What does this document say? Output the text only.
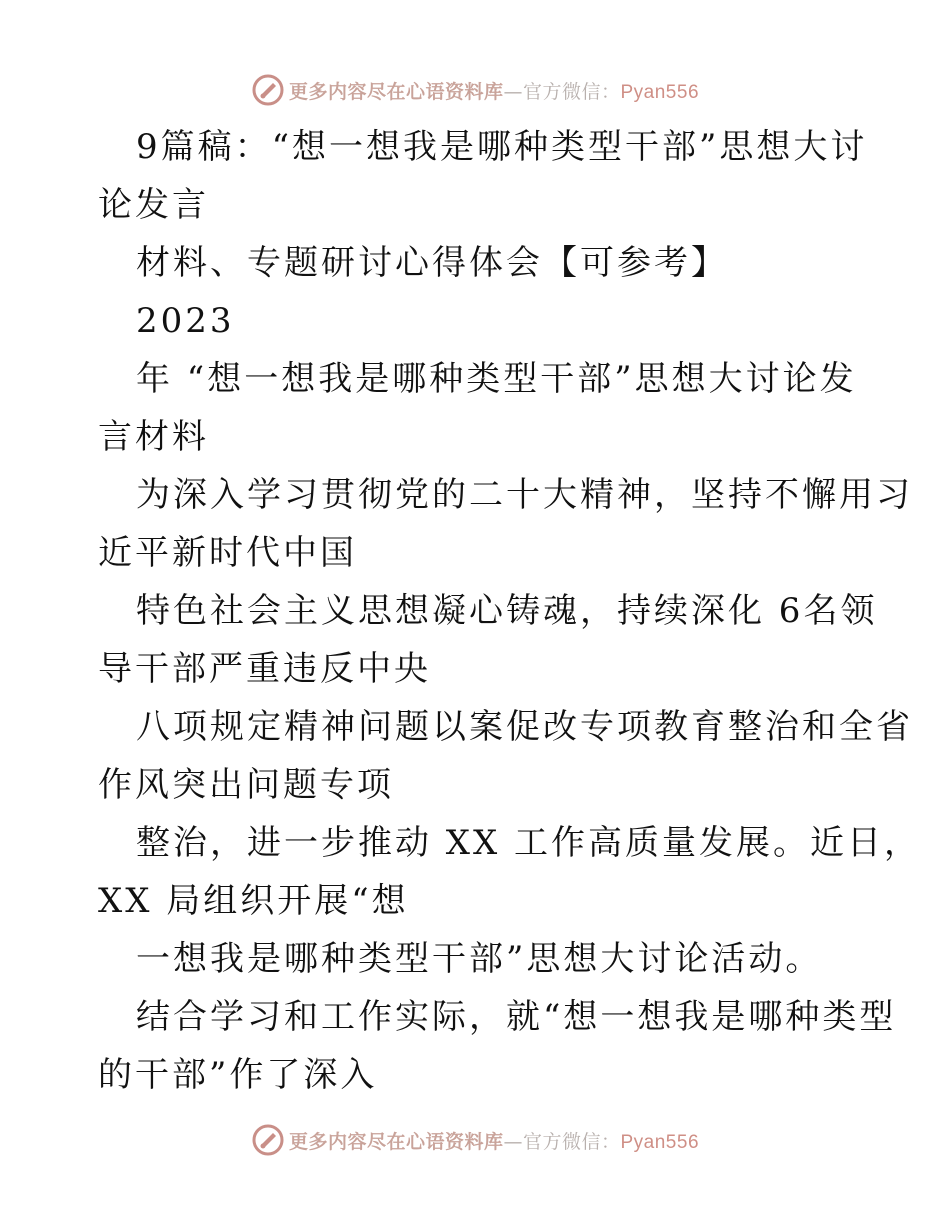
更多内容尽在心语资料库—官方微信：Pyan556
9篇稿：“想一想我是哪种类型干部”思想大讨
论发言
材料、专题研讨心得体会【可参考】
2023
年 “想一想我是哪种类型干部”思想大讨论发
言材料
为深入学习贯彻党的二十大精神，坚持不懈用习
近平新时代中国
特色社会主义思想凝心铸魂，持续深化 6名领
导干部严重违反中央
八项规定精神问题以案促改专项教育整治和全省
作风突出问题专项
整治，进一步推动 XX 工作高质量发展。近日，
XX 局组织开展“想
一想我是哪种类型干部”思想大讨论活动。
结合学习和工作实际，就“想一想我是哪种类型
的干部”作了深入
更多内容尽在心语资料库—官方微信：Pyan556
